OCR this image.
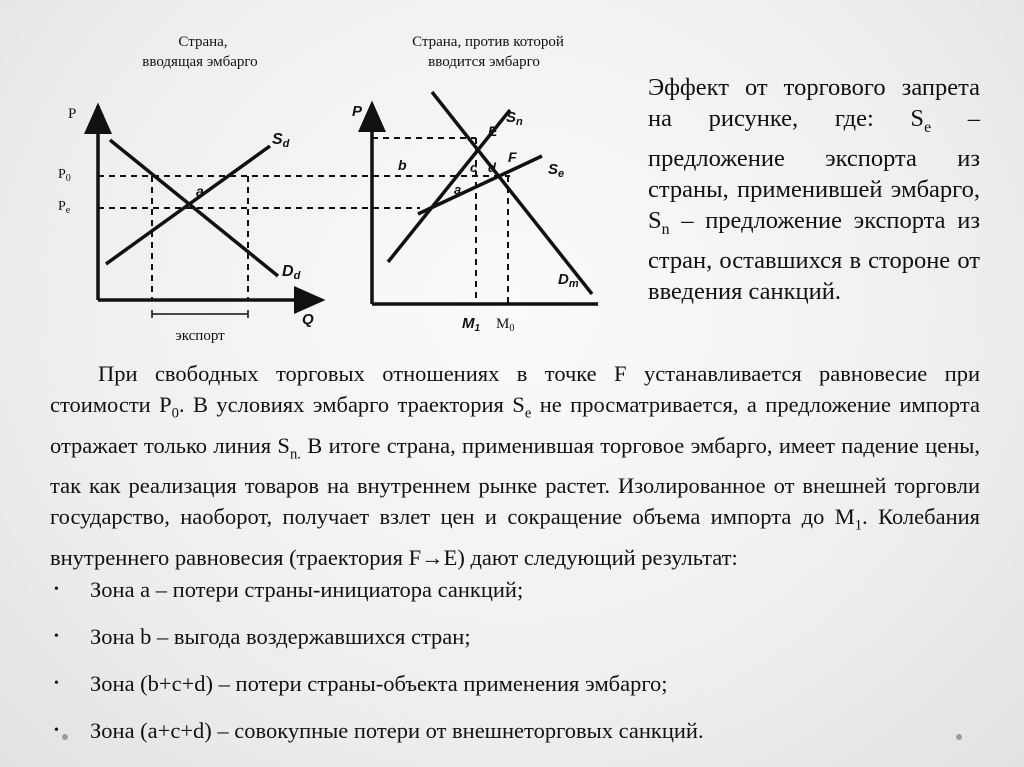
Страна,
вводящая эмбарго
P
Q
$P_0$
$P_e$
Sd
Dd
a
экспорт
Страна, против которой
вводится эмбарго
P	$S_n$
$S_e$
$D_m$
E
F
b	c d
a
$M_1$ $M_0$

Эффект от торгового запрета на рисунке, где: $S_e$ – предложение экспорта из страны, применившей эмбарго, $S_n$ – предложение экспорта из стран, оставшихся в стороне от введения санкций.

При свободных торговых отношениях в точке F устанавливается равновесие при стоимости $P_0$. В условиях эмбарго траектория $S_e$ не просматривается, а предложение импорта отражает только линия $S_{n.}$ В итоге страна, применившая торговое эмбарго, имеет падение цены, так как реализация товаров на внутреннем рынке растет. Изолированное от внешней торговли государство, наоборот, получает взлет цен и сокращение объема импорта до $M_1$. Колебания внутреннего равновесия (траектория F→E) дают следующий результат:

• Зона a – потери страны-инициатора санкций;
• Зона b – выгода воздержавшихся стран;
• Зона (b+c+d) – потери страны-объекта применения эмбарго;
• Зона (a+c+d) – совокупные потери от внешнеторговых санкций.
